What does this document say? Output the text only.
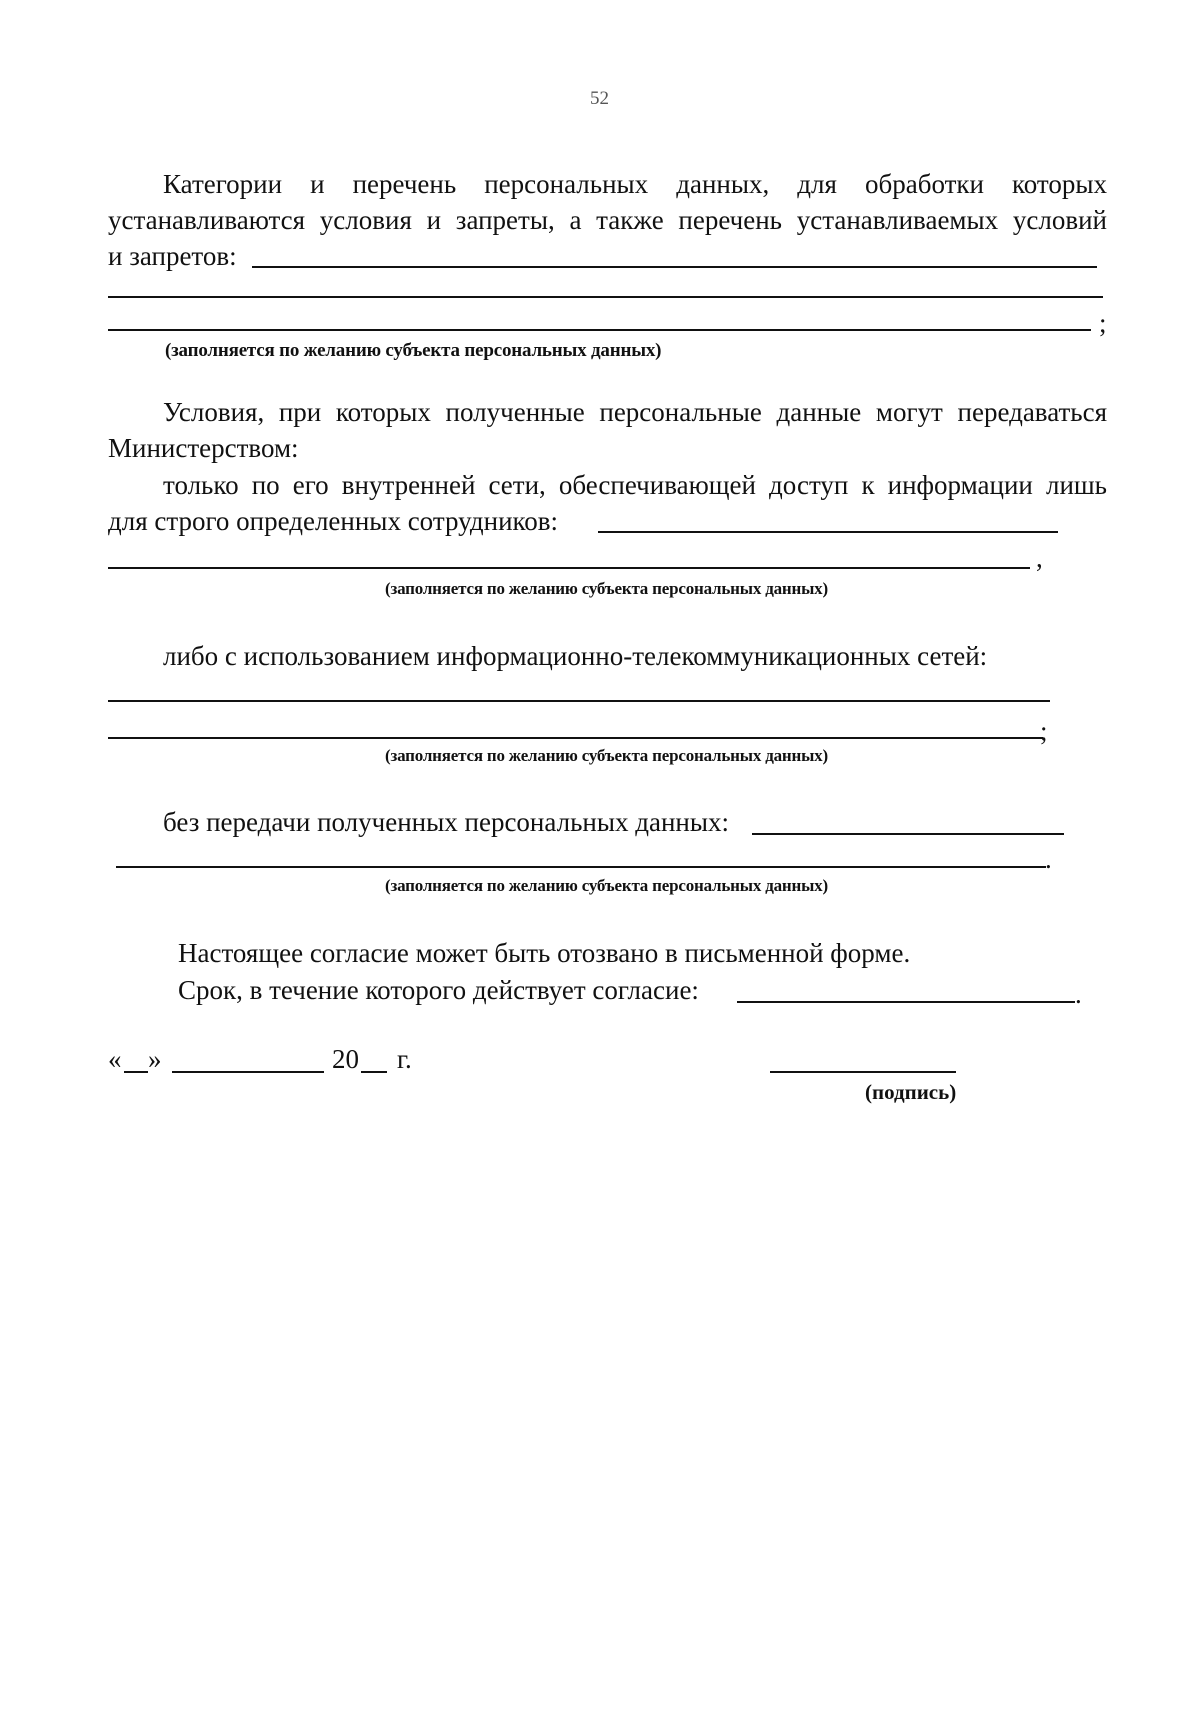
52
Категории и перечень персональных данных, для обработки которых
устанавливаются условия и запреты, а также перечень устанавливаемых условий
и запретов:
;
(заполняется по желанию субъекта персональных данных)
Условия, при которых полученные персональные данные могут передаваться
Министерством:
только по его внутренней сети, обеспечивающей доступ к информации лишь
для строго определенных сотрудников:
,
(заполняется по желанию субъекта персональных данных)
либо с использованием информационно-телекоммуникационных сетей:
;
(заполняется по желанию субъекта персональных данных)
без передачи полученных персональных данных:
.
(заполняется по желанию субъекта персональных данных)
Настоящее согласие может быть отозвано в письменной форме.
Срок, в течение которого действует согласие:	.
« »	20 г.
(подпись)
